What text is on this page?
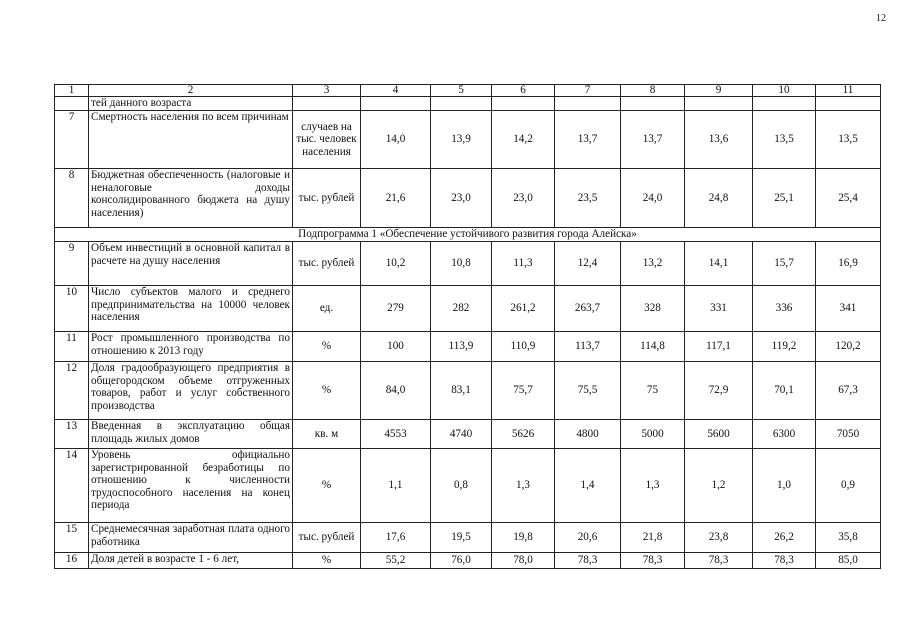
12
1	2	3	4	5	6	7	8	9	10	11
	тей данного возраста									
7	Смертность населения по всем причинам	случаев на тыс. человек населения	14,0	13,9	14,2	13,7	13,7	13,6	13,5	13,5
8	Бюджетная обеспеченность (налоговые и неналоговые доходы консолидированного бюджета на душу населения)	тыс. рублей	21,6	23,0	23,0	23,5	24,0	24,8	25,1	25,4
Подпрограмма 1 «Обеспечение устойчивого развития города Алейска»										
9	Объем инвестиций в основной капитал в расчете на душу населения	тыс. рублей	10,2	10,8	11,3	12,4	13,2	14,1	15,7	16,9
10	Число субъектов малого и среднего предпринимательства на 10000 человек населения	ед.	279	282	261,2	263,7	328	331	336	341
11	Рост промышленного производства по отношению к 2013 году	%	100	113,9	110,9	113,7	114,8	117,1	119,2	120,2
12	Доля градообразующего предприятия в общегородском объеме отгруженных товаров, работ и услуг собственного производства	%	84,0	83,1	75,7	75,5	75	72,9	70,1	67,3
13	Введенная в эксплуатацию общая площадь жилых домов	кв. м	4553	4740	5626	4800	5000	5600	6300	7050
14	Уровень официально зарегистрированной безработицы по отношению к численности трудоспособного населения на конец периода	%	1,1	0,8	1,3	1,4	1,3	1,2	1,0	0,9
15	Среднемесячная заработная плата одного работника	тыс. рублей	17,6	19,5	19,8	20,6	21,8	23,8	26,2	35,8
16	Доля детей в возрасте 1 - 6 лет,	%	55,2	76,0	78,0	78,3	78,3	78,3	78,3	85,0
